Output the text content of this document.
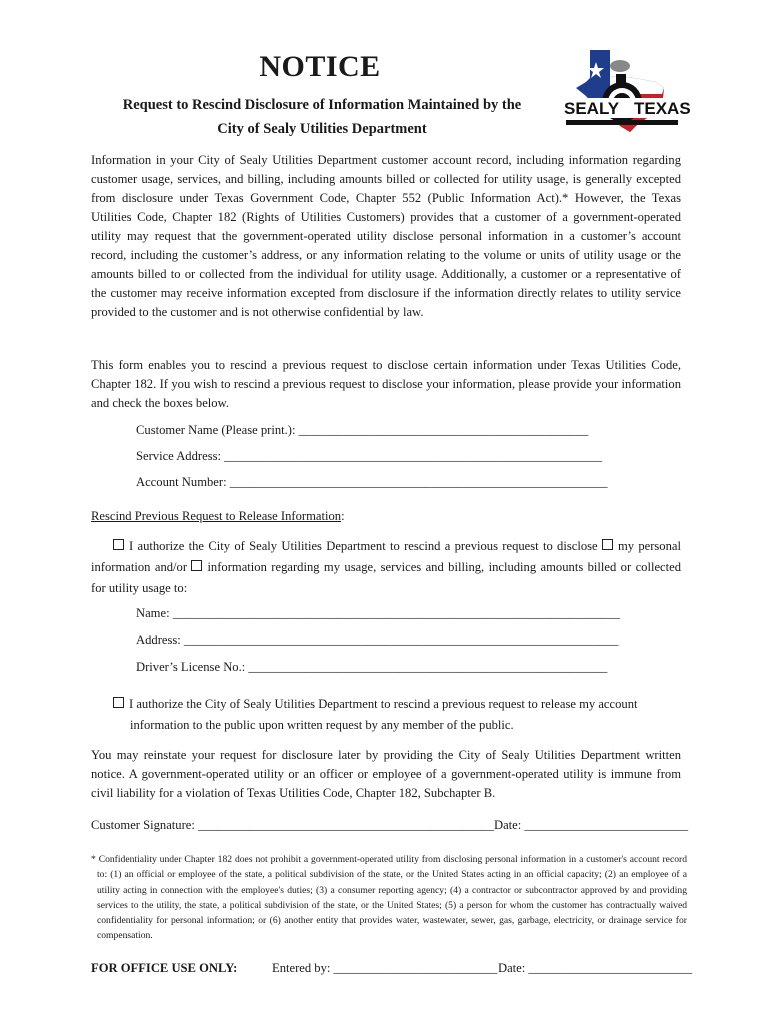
NOTICE
Request to Rescind Disclosure of Information Maintained by the
City of Sealy Utilities Department
SEALY TEXAS

Information in your City of Sealy Utilities Department customer account record, including information regarding customer usage, services, and billing, including amounts billed or collected for utility usage, is generally excepted from disclosure under Texas Government Code, Chapter 552 (Public Information Act).* However, the Texas Utilities Code, Chapter 182 (Rights of Utilities Customers) provides that a customer of a government-operated utility may request that the government-operated utility disclose personal information in a customer’s account record, including the customer’s address, or any information relating to the volume or units of utility usage or the amounts billed to or collected from the individual for utility usage. Additionally, a customer or a representative of the customer may receive information excepted from disclosure if the information directly relates to utility service provided to the customer and is not otherwise confidential by law.

This form enables you to rescind a previous request to disclose certain information under Texas Utilities Code, Chapter 182. If you wish to rescind a previous request to disclose your information, please provide your information and check the boxes below.

Customer Name (Please print.): ______________________________________________
Service Address: ____________________________________________________________
Account Number: ____________________________________________________________
Rescind Previous Request to Release Information:

I authorize the City of Sealy Utilities Department to rescind a previous request to disclose my personal information and/or information regarding my usage, services and billing, including amounts billed or collected for utility usage to:

Name: _______________________________________________________________________
Address: _____________________________________________________________________
Driver’s License No.: _________________________________________________________

I authorize the City of Sealy Utilities Department to rescind a previous request to release my account information to the public upon written request by any member of the public.

You may reinstate your request for disclosure later by providing the City of Sealy Utilities Department written notice. A government-operated utility or an officer or employee of a government-operated utility is immune from civil liability for a violation of Texas Utilities Code, Chapter 182, Subchapter B.

Customer Signature: _______________________________________________ Date: __________________________

* Confidentiality under Chapter 182 does not prohibit a government-operated utility from disclosing personal information in a customer's account record to: (1) an official or employee of the state, a political subdivision of the state, or the United States acting in an official capacity; (2) an employee of a utility acting in connection with the employee's duties; (3) a consumer reporting agency; (4) a contractor or subcontractor approved by and providing services to the utility, the state, a political subdivision of the state, or the United States; (5) a person for whom the customer has contractually waived confidentiality for personal information; or (6) another entity that provides water, wastewater, sewer, gas, garbage, electricity, or drainage service for compensation.

FOR OFFICE USE ONLY:	Entered by: __________________________ Date: __________________________
